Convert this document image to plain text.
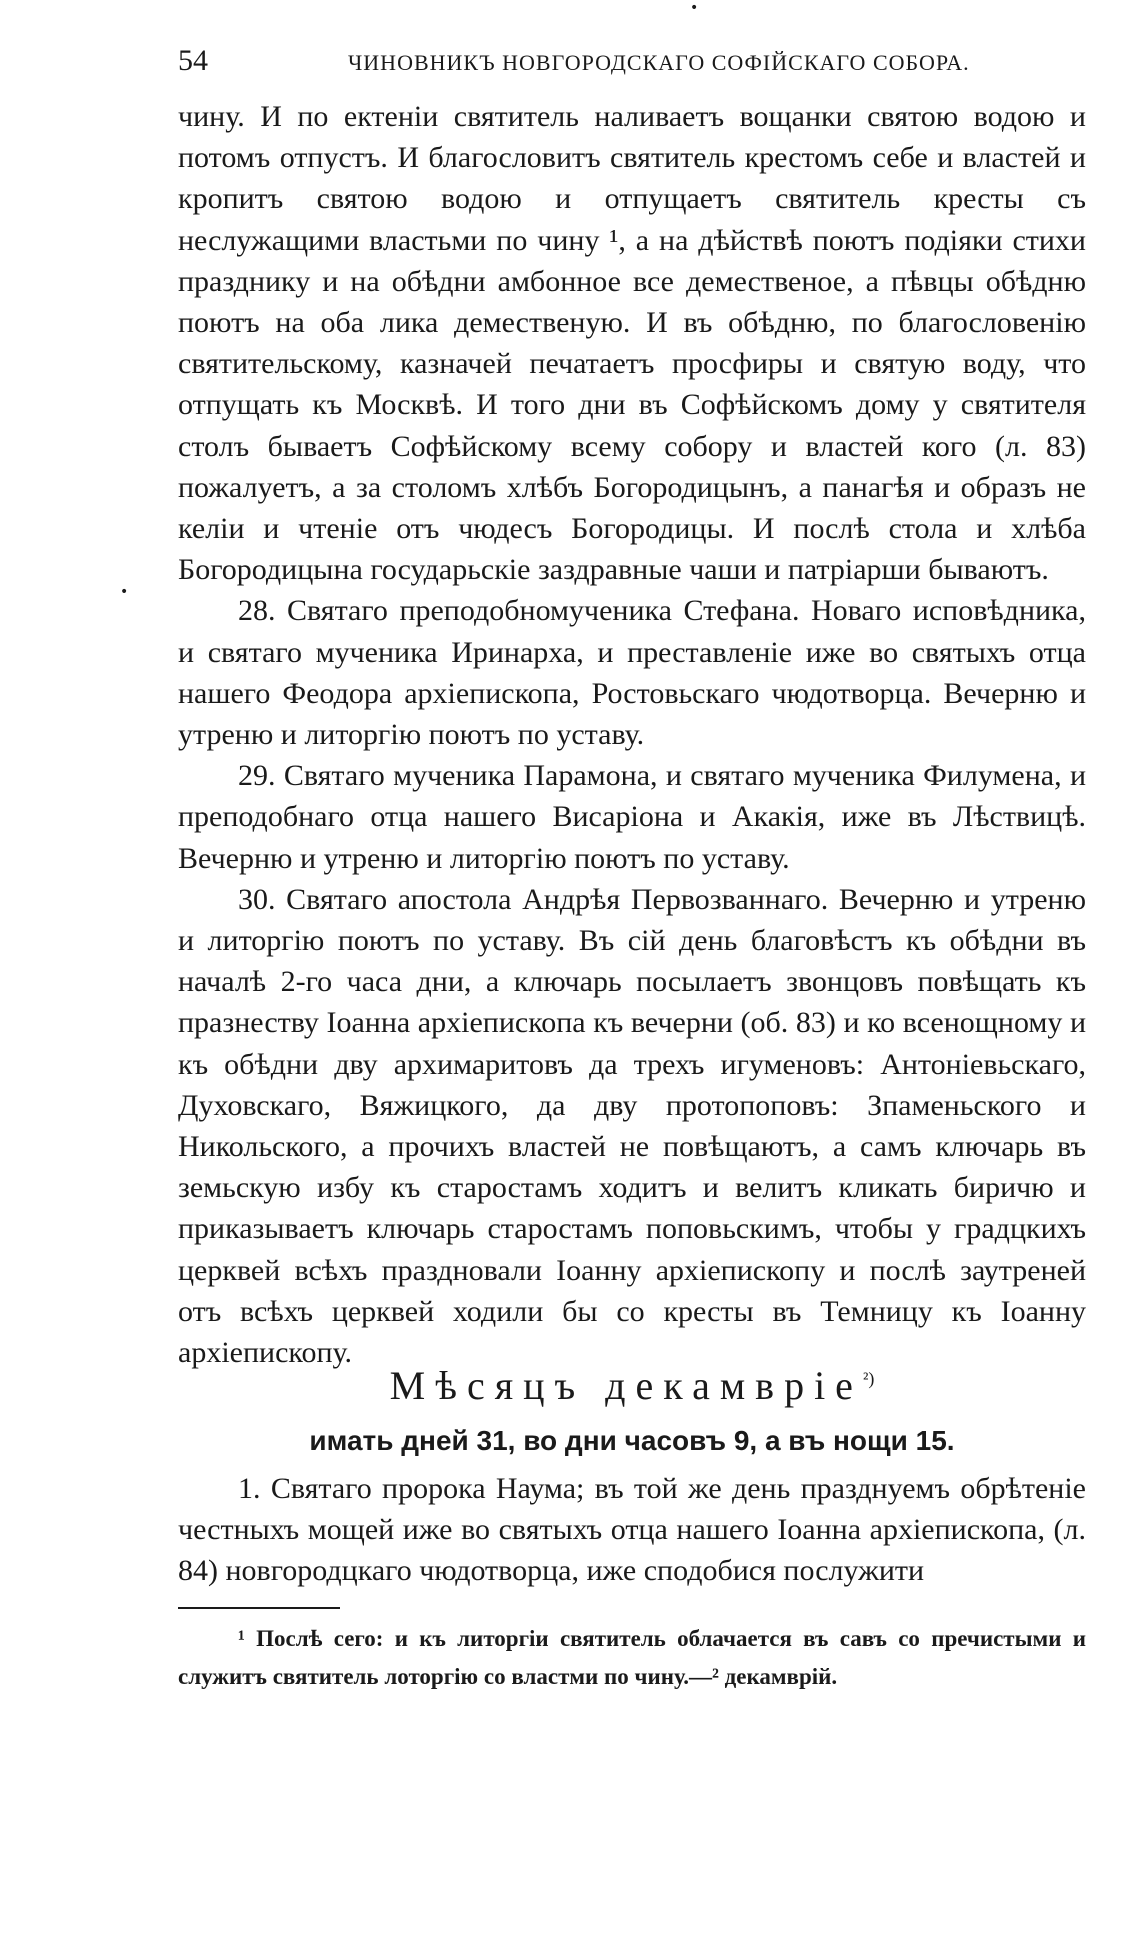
•
•
54	ЧИНОВНИКЪ НОВГОРОДСКАГО СОФІЙСКАГО СОБОРА.

чину. И по ектеніи святитель наливаетъ вощанки святою водою и потомъ отпустъ. И благословитъ святитель крестомъ себе и властей и кропитъ святою водою и отпущаетъ святитель кресты съ неслужащими властьми по чину ¹, а на дѣйствѣ поютъ подіяки стихи празднику и на обѣдни амбонное все демественое, а пѣвцы обѣдню поютъ на оба лика демественую. И въ обѣдню, по благословенію святительскому, казначей печатаетъ просфиры и святую воду, что отпущать къ Москвѣ. И того дни въ Софѣйскомъ дому у святителя столъ бываетъ Софѣйскому всему собору и властей кого (л. 83) пожалуетъ, а за столомъ хлѣбъ Богородицынъ, а панагѣя и образъ не келіи и чтеніе отъ чюдесъ Богородицы. И послѣ стола и хлѣба Богородицына государьскіе заздравные чаши и патріарши бываютъ.

28. Святаго преподобномученика Стефана. Новаго исповѣдника, и святаго мученика Иринарха, и преставленіе иже во святыхъ отца нашего Феодора архіепископа, Ростовьскаго чюдотворца. Вечерню и утреню и литоргію поютъ по уставу.

29. Святаго мученика Парамона, и святаго мученика Филумена, и преподобнаго отца нашего Висаріона и Акакія, иже въ Лѣствицѣ. Вечерню и утреню и литоргію поютъ по уставу.

30. Святаго апостола Андрѣя Первозваннаго. Вечерню и утреню и литоргію поютъ по уставу. Въ сій день благовѣстъ къ обѣдни въ началѣ 2-го часа дни, а ключарь посылаетъ звонцовъ повѣщать къ празнеству Іоанна архіепископа къ вечерни (об. 83) и ко всенощному и къ обѣдни дву архимаритовъ да трехъ игуменовъ: Антоніевьскаго, Духовскаго, Вяжицкого, да дву протопоповъ: Зпаменьского и Никольского, а прочихъ властей не повѣщаютъ, а самъ ключарь въ земьскую избу къ старостамъ ходитъ и велитъ кликать биричю и приказываетъ ключарь старостамъ поповьскимъ, чтобы у градцкихъ церквей всѣхъ праздновали Іоанну архіепископу и послѣ заутреней отъ всѣхъ церквей ходили бы со кресты въ Темницу къ Іоанну архіепископу.

Мѣсяцъ декамвріе$^{^2)}$
имать дней 31, во дни часовъ 9, а въ нощи 15.

1. Святаго пророка Наума; въ той же день празднуемъ обрѣтеніе честныхъ мощей иже во святыхъ отца нашего Іоанна архіепископа, (л. 84) новгородцкаго чюдотворца, иже сподобися послужити

¹ Послѣ сего: и къ литоргіи святитель облачается въ савъ со пречистыми и служитъ святитель лоторгію со властми по чину.—² декамврій.
